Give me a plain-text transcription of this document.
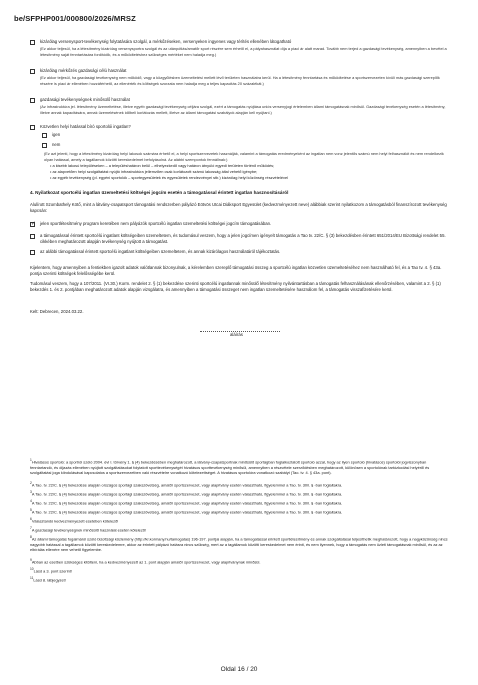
be/SFPHP001/000800/2026/MRSZ
kizárólag versenysport-tevékenység folytatására szolgál, a mérkőzéseken, versenyeken ingyenes vagy térítés ellenében látogatható
(Ez akkor teljesül, ha a létesítmény kizárólag versenysportra szolgál és az utánpótlás/amatőr sport részére sem érhető el, a pályahasználat díja a piaci ár alatt marad. Tovább nem terjed a gazdasági tevékenység, amennyiben a bevétel a létesítmény saját fenntartására fordítódik, és a működtetéshez szükséges mértéket nem haladja meg.)
kizárólag mérkőzés gazdasági célú használat
(Ez akkor teljesül, ha gazdasági tevékenység nem működő, vagy a közgyűlésben üzemeltetési mellett lévő területen használatra kerül. Ha a létesítmény fenntartása és működtetése a sportszervezeten kívüli más gazdasági szereplők részére is piaci ár ellenében hozzáférhető, az ellenérték és költségek szorzata nem haladja meg a teljes kapacitás 20 százalékát.)
gazdasági tevékenységnek minősülő használat
(Az infrastruktúra jel. létesítmény üzemeltetése, illetve egyéb gazdasági tevékenység céljára szolgál, ezért a támogatás nyújtása uniós versenyjogi értelemben állami támogatásnak minősül. Gazdasági tevékenység esetén a létesítmény, illetve annak kapacitására, annak üzemelésének időbeli korlátozás mellett, illetve az állami támogatási szabályok alapján kell nyújtani.)
Közvetlen helyi hatással bíró sportolói ingatlan?
igen
nem
(Ez azt jelenti, hogy a létesítmény kizárólag helyi lakosok számára érhető el, a helyi sportszervezetek használják, valamint a támogatás eredményeként az ingatlan nem vonz jelentős számú nem helyi felhasználót és nem rendelkezik olyan hatással, amely a tagállamok közötti kereskedelmet befolyásolná. Az alábbi szempontok fennállnak:)
• a kisebb lakosú településeken – a településhatáron belül – elhelyezkedő vagy határon átnyúló egyedi területen történő működés;
• az alapvetően helyi szolgáltatást nyújtó infrastruktúra jellemzően csak korlátozott számú lakosság által vehető igénybe;
• az egyéb tevékenység (pl. egyéni sportolók – sportegyesületek és egyesületek rendezvényei stb.) kizárólag helyi közönség részvételével
4. Nyilatkozat sportcélú ingatlan üzemeltetési költségei jogcím esetén a támogatással érintett ingatlan hasznosításáról
Alulírott Szombathely Kötő, mint a látvány-csapatsport támogatási rendszerben pályázó Eötvös Utcai Diáksport Egyesület (kedvezményezett neve) alábbiak szerint nyilatkozom a támogatásból finanszírozott tevékenység kapcsán:
✓
jelen sportlétesítmény program keretében nem pályázók sportcélú ingatlan üzemeltetési költségei jogcím támogatásában.
a támogatással érintett sportcélú ingatlant költségeiben üzemeltetem, és tudomásul veszem, hogy a jelen jogcímen igényelt támogatás a Tao tv. 22/C. § (3) bekezdésben érintett 651/2014/EU Bizottsági rendelet 55. cikkében meghatározott alapján tevékenység nyújtott a támogatást.
az alábbi támogatással érintett sportcélú ingatlant költségeiben üzemeltetem, és annak kizárólagos használatáról tájékoztatás.
Kijelentem, hogy amennyiben a fentiekben igazolt adatok valótlannak bizonyulnak, a kérelemben szereplő támogatási összeg a sportcélú ingatlan közvetlen üzemeltetéséhez nem használható fel, és a Tao tv. 4. § 43a. pontja szerinti költségek felelősségébe kerül.
Tudomásul veszem, hogy a 107/2011. (VI.30.) Korm. rendelet 2. § (1) bekezdése szerinti sportcélú ingatlannak minősülő létesítmény nyilvántartásban a támogatás felhasználásának ellenőrzésében, valamint a 2. § (1) bekezdés 1. és 2. pontjában meghatározott adatok alapján vizsgálatra, és amennyiben a támogatási összeget nem ingatlan üzemeltetésére használom fel, a támogatás visszafizetésére kerül.
Kelt: Debrecen, 2024.03.22.
aláírás
$^1$Hivatásos sportoló: a sportról szóló 2004. évi I. törvény 1. § (4) bekezdésében meghatározott, a látvány-csapatsportnak minősülő sportágban foglalkoztatott sportoló azzal, hogy az ilyen sportoló (hivatásos) sportolói jogviszonyban fenntartandó, és díjazás ellenében nyújtott szolgáltatásokat folytatott sporttevékenységét hivatásos sporttevékenység minősül, amennyiben a részvétele szerződésben meghatározott, különösen a sportolónak tartózkodási helyéről és szolgáltatási joga kiindulásával kapcsolatos a sportszervezetben való részvételre vonatkozó kötelezettséget. A hivatásos sportolóra vonatkozó szabályt (Tao. tv. 4. § 43a. pont).
$^2$A Tao. tv. 22/C. § (4) bekezdése alapján országos sportági szakszövetség, amatőr sportszervezet, vagy alapítvány esetén választható, figyelemmel a Tao. tv. 30/l. § -ban foglaltakra.
$^3$A Tao. tv. 22/C. § (4) bekezdése alapján országos sportági szakszövetség, amatőr sportszervezet, vagy alapítvány esetén választható, figyelemmel a Tao. tv. 30/l. § -ban foglaltakra.
$^4$A Tao. tv. 22/C. § (4) bekezdése alapján országos sportági szakszövetség, amatőr sportszervezet, vagy alapítvány esetén választható, figyelemmel a Tao. tv. 30/l. § -ban foglaltakra.
$^5$A Tao. tv. 22/C. § (4) bekezdése alapján országos sportági szakszövetség, amatőr sportszervezet, vagy alapítvány esetén választható, figyelemmel a Tao. tv. 30/l. § -ban foglaltakra.
$^6$Választandó kedvezményezett esetében kötelező!
$^7$A gazdasági tevékenységnek minősülő használat esetén kötelező!
$^8$Az állami támogatás fogalmáról szóló bizottsági közlemény (http://kr.kormany.hu/tamogatas) 196-197. pontjai alapján, ha a támogatással érintett sportlétesítmény és annak szolgáltatásai teljesíthetik meghatározott, hogy a nagyközönség nincs nagyobb hatással a tagállamok közötti kereskedelemre, akkor az érintett pályázó hatásra nincs szükség, mert az a tagállamok közötti kereskedelmet nem érinti, és nem ilyennek, hogy a támogatás nem üzleti támogatásnak minősül, és az az elbírálás ellenére nem vehető figyelembe.
$^9$Abban az esetben szükséges kitölteni, ha a kedvezményezett az 1. pont alapján amatőr sportszervezet, vagy alapítványnak minősül.
$^{10}$Lásd a 3. pont szerint!
$^{11}$Lásd 8. lábjegyzet!
Oldal 16 / 20
